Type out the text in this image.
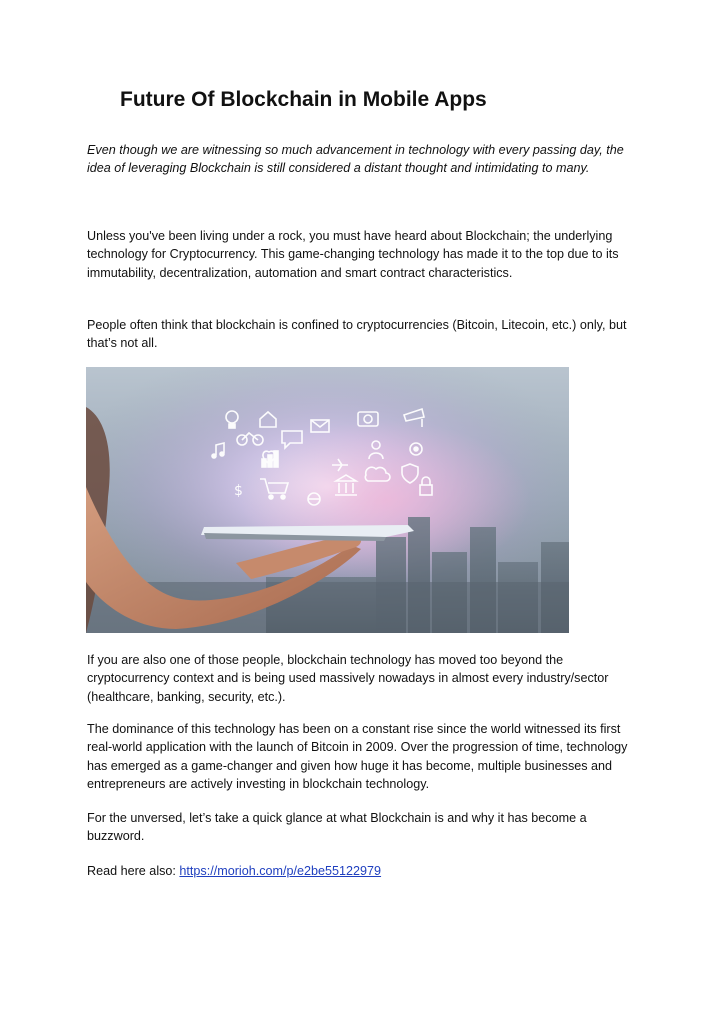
Future Of Blockchain in Mobile Apps

Even though we are witnessing so much advancement in technology with every passing day, the idea of leveraging Blockchain is still considered a distant thought and intimidating to many.

Unless you've been living under a rock, you must have heard about Blockchain; the underlying technology for Cryptocurrency. This game-changing technology has made it to the top due to its immutability, decentralization, automation and smart contract characteristics.

People often think that blockchain is confined to cryptocurrencies (Bitcoin, Litecoin, etc.) only, but that’s not all.

$

If you are also one of those people, blockchain technology has moved too beyond the cryptocurrency context and is being used massively nowadays in almost every industry/sector (healthcare, banking, security, etc.).

The dominance of this technology has been on a constant rise since the world witnessed its first real-world application with the launch of Bitcoin in 2009. Over the progression of time, technology has emerged as a game-changer and given how huge it has become, multiple businesses and entrepreneurs are actively investing in blockchain technology.

For the unversed, let’s take a quick glance at what Blockchain is and why it has become a buzzword.

Read here also: https://morioh.com/p/e2be55122979
